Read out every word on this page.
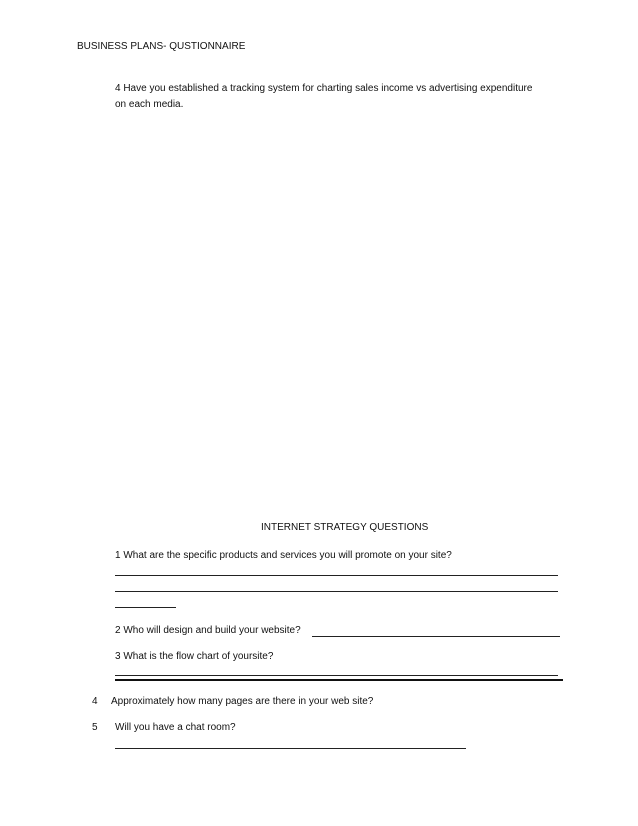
BUSINESS PLANS- QUSTIONNAIRE
4 Have you established a tracking system for charting sales income vs advertising expenditure
on each media.
INTERNET STRATEGY QUESTIONS
1 What are the specific products and services you will promote on your site?
2 Who will design and build your website?
3 What is the flow chart of yoursite?
4 Approximately how many pages are there in your web site?
5 Will you have a chat room?
